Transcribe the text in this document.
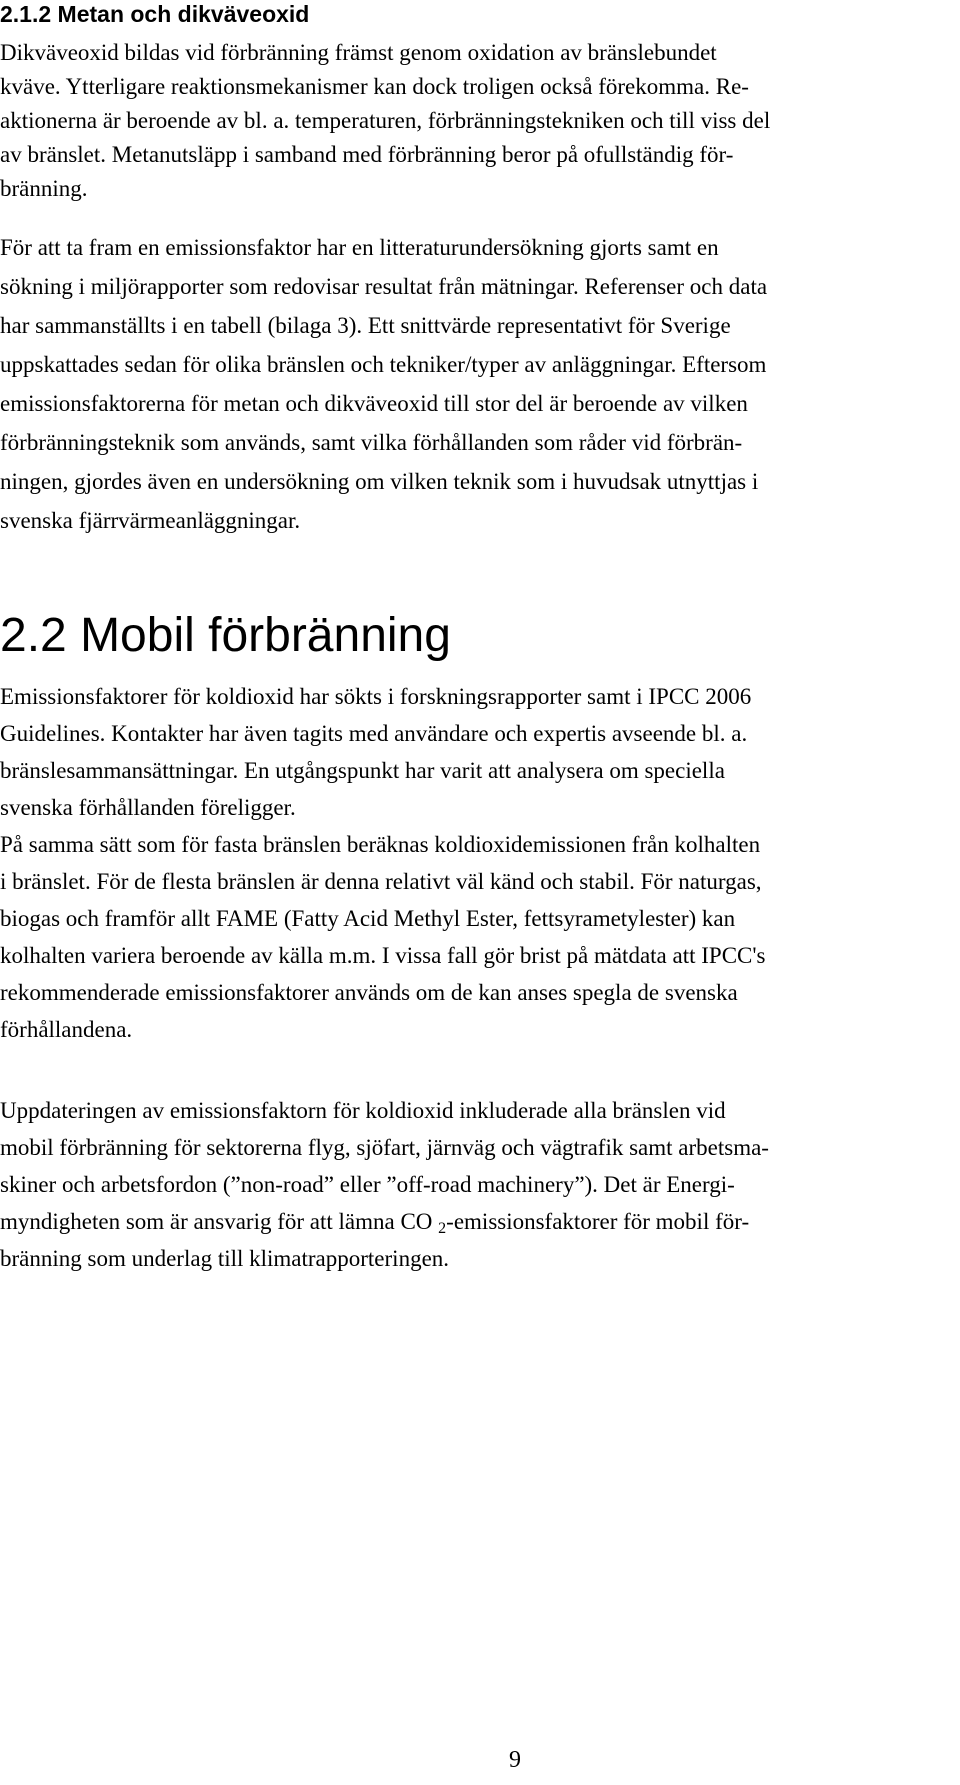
2.1.2 Metan och dikväveoxid

Dikväveoxid bildas vid förbränning främst genom oxidation av bränslebundet
kväve. Ytterligare reaktionsmekanismer kan dock troligen också förekomma. Re-
aktionerna är beroende av bl. a. temperaturen, förbränningstekniken och till viss del
av bränslet. Metanutsläpp i samband med förbränning beror på ofullständig för-
bränning.

För att ta fram en emissionsfaktor har en litteraturundersökning gjorts samt en
sökning i miljörapporter som redovisar resultat från mätningar. Referenser och data
har sammanställts i en tabell (bilaga 3). Ett snittvärde representativt för Sverige
uppskattades sedan för olika bränslen och tekniker/typer av anläggningar. Eftersom
emissionsfaktorerna för metan och dikväveoxid till stor del är beroende av vilken
förbränningsteknik som används, samt vilka förhållanden som råder vid förbrän-
ningen, gjordes även en undersökning om vilken teknik som i huvudsak utnyttjas i
svenska fjärrvärmeanläggningar.

2.2 Mobil förbränning

Emissionsfaktorer för koldioxid har sökts i forskningsrapporter samt i IPCC 2006
Guidelines. Kontakter har även tagits med användare och expertis avseende bl. a.
bränslesammansättningar. En utgångspunkt har varit att analysera om speciella
svenska förhållanden föreligger.

På samma sätt som för fasta bränslen beräknas koldioxidemissionen från kolhalten
i bränslet. För de flesta bränslen är denna relativt väl känd och stabil. För naturgas,
biogas och framför allt FAME (Fatty Acid Methyl Ester, fettsyrametylester) kan
kolhalten variera beroende av källa m.m. I vissa fall gör brist på mätdata att IPCC's
rekommenderade emissionsfaktorer används om de kan anses spegla de svenska
förhållandena.

Uppdateringen av emissionsfaktorn för koldioxid inkluderade alla bränslen vid
mobil förbränning för sektorerna flyg, sjöfart, järnväg och vägtrafik samt arbetsma-
skiner och arbetsfordon (”non-road” eller ”off-road machinery”). Det är Energi-
myndigheten som är ansvarig för att lämna CO $_2$-emissionsfaktorer för mobil för-
bränning som underlag till klimatrapporteringen.

9
